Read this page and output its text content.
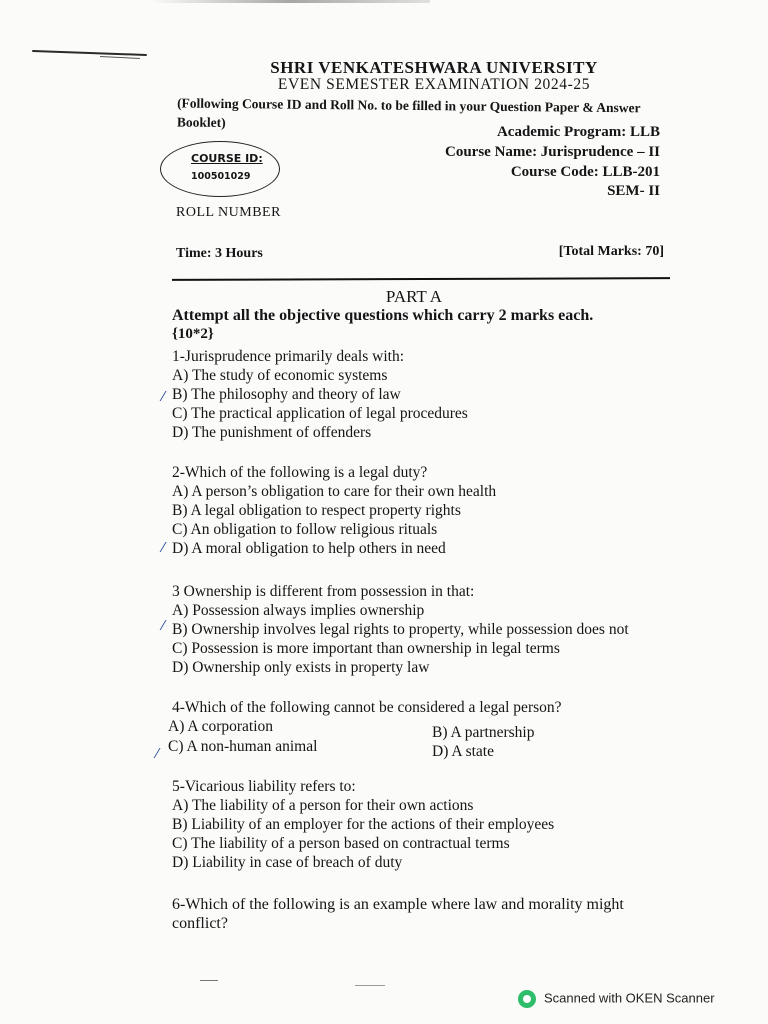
SHRI VENKATESHWARA UNIVERSITY
EVEN SEMESTER EXAMINATION 2024-25
(Following Course ID and Roll No. to be filled in your Question Paper & Answer Booklet)
COURSE ID:
100501029
Academic Program: LLB
Course Name: Jurisprudence – II
Course Code: LLB-201
SEM- II
ROLL NUMBER
Time: 3 Hours	[Total Marks: 70]
PART A
Attempt all the objective questions which carry 2 marks each.
{10*2}
1-Jurisprudence primarily deals with:
A) The study of economic systems
B) The philosophy and theory of law
C) The practical application of legal procedures
D) The punishment of offenders
⁄
2-Which of the following is a legal duty?
A) A person’s obligation to care for their own health
B) A legal obligation to respect property rights
C) An obligation to follow religious rituals
D) A moral obligation to help others in need
⁄
3 Ownership is different from possession in that:
A) Possession always implies ownership
B) Ownership involves legal rights to property, while possession does not
C) Possession is more important than ownership in legal terms
D) Ownership only exists in property law
⁄
4-Which of the following cannot be considered a legal person?
A) A corporation	B) A partnership
C) A non-human animal	D) A state
⁄
5-Vicarious liability refers to:
A) The liability of a person for their own actions
B) Liability of an employer for the actions of their employees
C) The liability of a person based on contractual terms
D) Liability in case of breach of duty
6-Which of the following is an example where law and morality might
conflict?
Scanned with OKEN Scanner
